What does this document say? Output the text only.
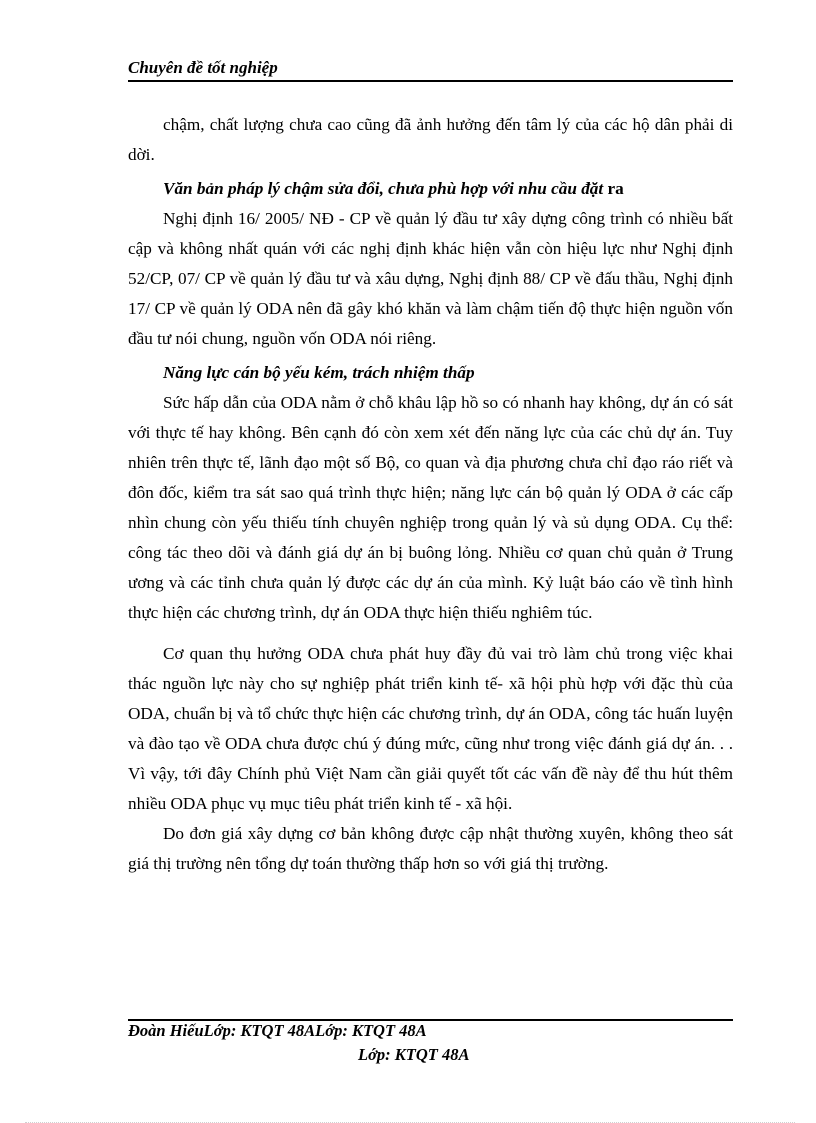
Chuyên đề tốt nghiệp

chậm, chất lượng chưa cao cũng đã ảnh hưởng đến tâm lý của các hộ dân phải di dời.

Văn bản pháp lý chậm sửa đổi, chưa phù hợp với nhu cầu đặt ra

Nghị định 16/ 2005/ NĐ - CP về quản lý đầu tư xây dựng công trình có nhiều bất cập và không nhất quán với các nghị định khác hiện vẫn còn hiệu lực như Nghị định 52/CP, 07/ CP về quản lý đầu tư và xâu dựng, Nghị định 88/ CP về đấu thầu, Nghị định 17/ CP về quản lý ODA nên đã gây khó khăn và làm chậm tiến độ thực hiện nguồn vốn đầu tư nói chung, nguồn vốn ODA nói riêng.

Năng lực cán bộ yếu kém, trách nhiệm thấp

Sức hấp dẫn của ODA nằm ở chỗ khâu lập hồ so có nhanh hay không, dự án có sát với thực tế hay không. Bên cạnh đó còn xem xét đến năng lực của các chủ dự án. Tuy nhiên trên thực tế, lãnh đạo một số Bộ, co quan và địa phương chưa chỉ đạo ráo riết và đôn đốc, kiểm tra sát sao quá trình thực hiện; năng lực cán bộ quản lý ODA ở các cấp nhìn chung còn yếu thiếu tính chuyên nghiệp trong quản lý và sủ dụng ODA. Cụ thể: công tác theo dõi và đánh giá dự án bị buông lỏng. Nhiều cơ quan chủ quản ở Trung ương và các tỉnh chưa quản lý được các dự án của mình. Kỷ luật báo cáo về tình hình thực hiện các chương trình, dự án ODA thực hiện thiếu nghiêm túc.

Cơ quan thụ hưởng ODA chưa phát huy đầy đủ vai trò làm chủ trong việc khai thác nguồn lực này cho sự nghiệp phát triển kinh tế- xã hội phù hợp với đặc thù của ODA, chuẩn bị và tổ chức thực hiện các chương trình, dự án ODA, công tác huấn luyện và đào tạo về ODA chưa được chú ý đúng mức, cũng như trong việc đánh giá dự án. . . Vì vậy, tới đây Chính phủ Việt Nam cần giải quyết tốt các vấn đề này để thu hút thêm nhiều ODA phục vụ mục tiêu phát triển kinh tế - xã hội.

Do đơn giá xây dựng cơ bản không được cập nhật thường xuyên, không theo sát giá thị trường nên tổng dự toán thường thấp hơn so với giá thị trường.

Đoàn HiếuLớp: KTQT 48ALớp: KTQT 48A
Lớp: KTQT 48A
